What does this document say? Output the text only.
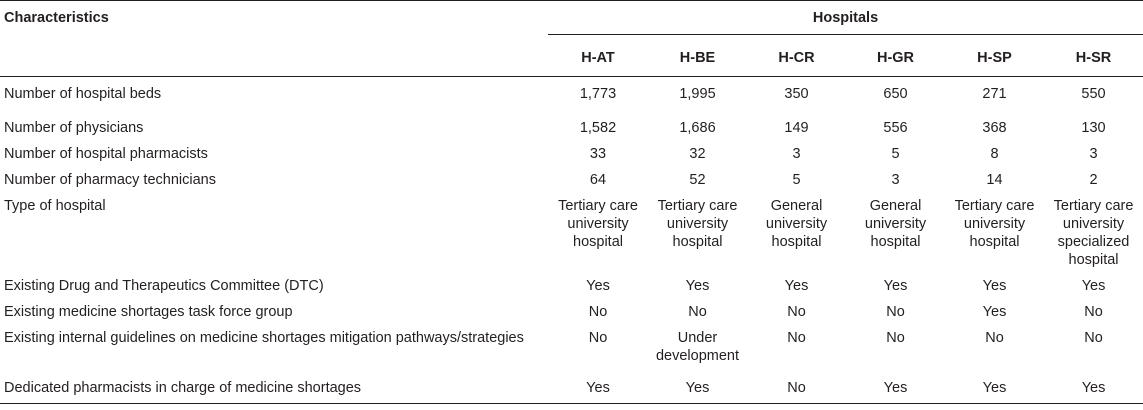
Characteristics	Hospitals					
	H-AT	H-BE	H-CR	H-GR	H-SP	H-SR
Number of hospital beds	1,773	1,995	350	650	271	550
Number of physicians	1,582	1,686	149	556	368	130
Number of hospital pharmacists	33	32	3	5	8	3
Number of pharmacy technicians	64	52	5	3	14	2
Type of hospital	Tertiary care university hospital	Tertiary care university hospital	General university hospital	General university hospital	Tertiary care university hospital	Tertiary care university specialized hospital
Existing Drug and Therapeutics Committee (DTC)	Yes	Yes	Yes	Yes	Yes	Yes
Existing medicine shortages task force group	No	No	No	No	Yes	No
Existing internal guidelines on medicine shortages mitigation pathways/strategies	No	Under development	No	No	No	No
Dedicated pharmacists in charge of medicine shortages	Yes	Yes	No	Yes	Yes	Yes
